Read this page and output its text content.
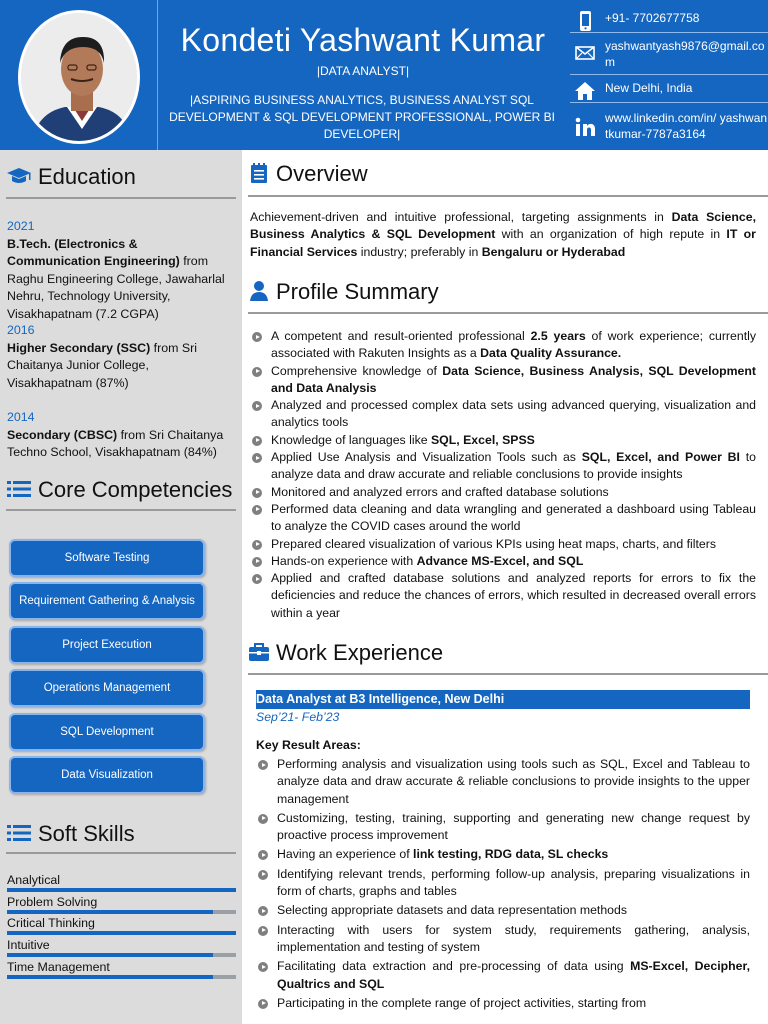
Kondeti Yashwant Kumar
|DATA ANALYST|
|ASPIRING BUSINESS ANALYTICS, BUSINESS ANALYST SQL DEVELOPMENT & SQL DEVELOPMENT PROFESSIONAL, POWER BI DEVELOPER|
+91- 7702677758
yashwantyash9876@gmail.com
New Delhi, India
www.linkedin.com/in/ yashwantkumar-7787a3164
Education
2021
B.Tech. (Electronics & Communication Engineering) from Raghu Engineering College, Jawaharlal Nehru, Technology University, Visakhapatnam (7.2 CGPA)
2016
Higher Secondary (SSC) from Sri Chaitanya Junior College, Visakhapatnam (87%)
2014
Secondary (CBSC) from Sri Chaitanya Techno School, Visakhapatnam (84%)
Core Competencies
Software Testing
Requirement Gathering & Analysis
Project Execution
Operations Management
SQL Development
Data Visualization
Soft Skills
Analytical
Problem Solving
Critical Thinking
Intuitive
Time Management
Overview
Achievement-driven and intuitive professional, targeting assignments in Data Science, Business Analytics & SQL Development with an organization of high repute in IT or Financial Services industry; preferably in Bengaluru or Hyderabad
Profile Summary
A competent and result-oriented professional 2.5 years of work experience; currently associated with Rakuten Insights as a Data Quality Assurance.
Comprehensive knowledge of Data Science, Business Analysis, SQL Development and Data Analysis
Analyzed and processed complex data sets using advanced querying, visualization and analytics tools
Knowledge of languages like SQL, Excel, SPSS
Applied Use Analysis and Visualization Tools such as SQL, Excel, and Power BI to analyze data and draw accurate and reliable conclusions to provide insights
Monitored and analyzed errors and crafted database solutions
Performed data cleaning and data wrangling and generated a dashboard using Tableau to analyze the COVID cases around the world
Prepared cleared visualization of various KPIs using heat maps, charts, and filters
Hands-on experience with Advance MS-Excel, and SQL
Applied and crafted database solutions and analyzed reports for errors to fix the deficiencies and reduce the chances of errors, which resulted in decreased overall errors within a year
Work Experience
Data Analyst at B3 Intelligence, New Delhi
Sep’21- Feb’23
Key Result Areas:
Performing analysis and visualization using tools such as SQL, Excel and Tableau to analyze data and draw accurate & reliable conclusions to provide insights to the upper management
Customizing, testing, training, supporting and generating new change request by proactive process improvement
Having an experience of link testing, RDG data, SL checks
Identifying relevant trends, performing follow-up analysis, preparing visualizations in form of charts, graphs and tables
Selecting appropriate datasets and data representation methods
Interacting with users for system study, requirements gathering, analysis, implementation and testing of system
Facilitating data extraction and pre-processing of data using MS-Excel, Decipher, Qualtrics and SQL
Participating in the complete range of project activities, starting from
